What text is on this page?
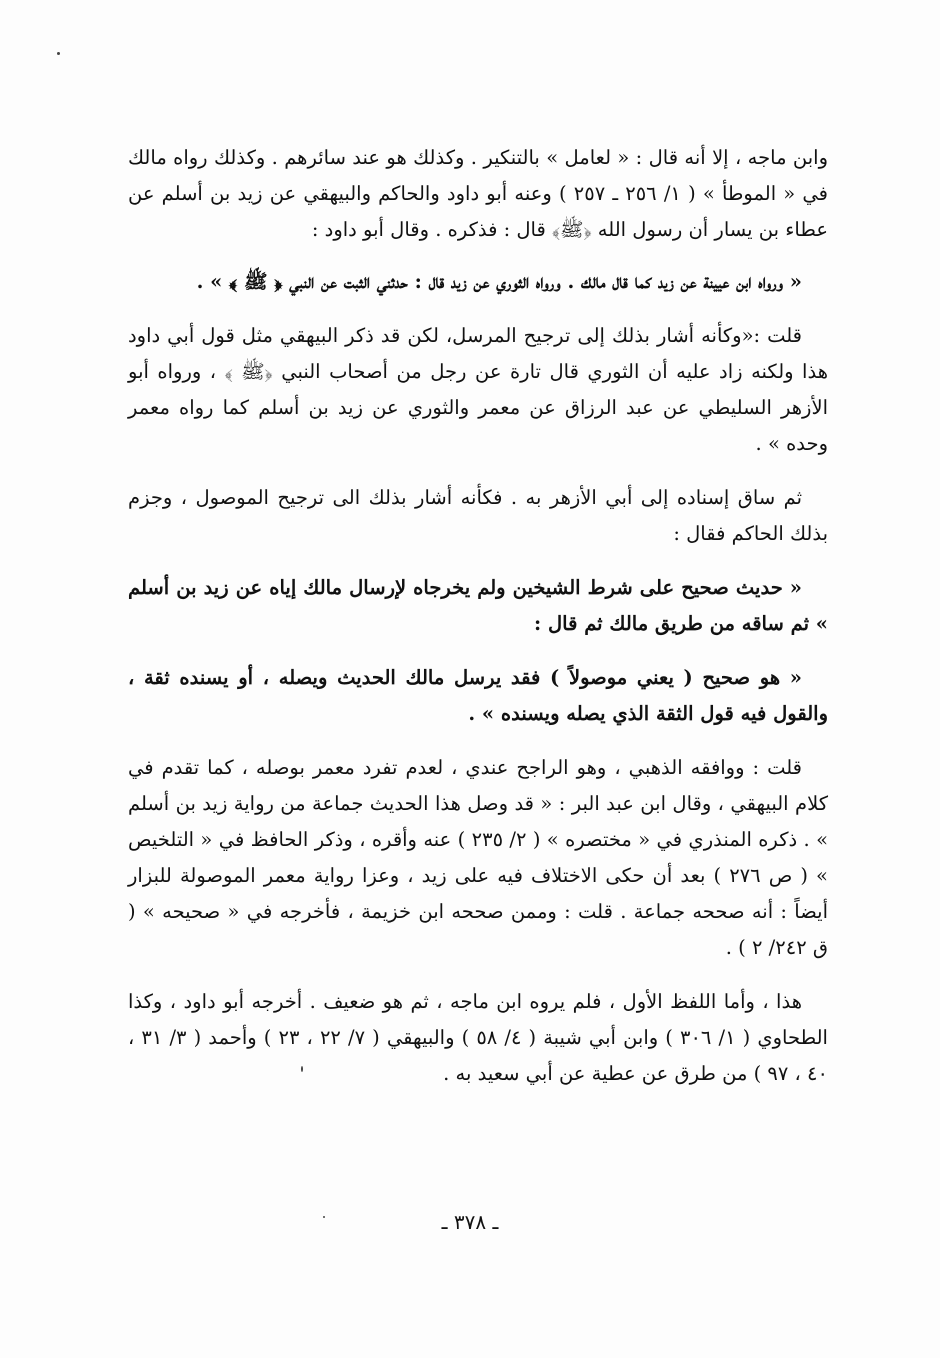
وابن ماجه ، إلا أنه قال : « لعامل » بالتنكير . وكذلك هو عند سائرهم . وكذلك رواه مالك في « الموطأ » ( ١/ ٢٥٦ ـ ٢٥٧ ) وعنه أبو داود والحاكم والبيهقي عن زيد بن أسلم عن عطاء بن يسار أن رسول الله ﴿ﷺ﴾ قال : فذكره . وقال أبو داود :

« ورواه ابن عيينة عن زيد كما قال مالك . ورواه الثوري عن زيد قال : حدثني الثبت عن النبي ﴿ ﷺ ﴾ » .

قلت :«وكأنه أشار بذلك إلى ترجيح المرسل، لكن قد ذكر البيهقي مثل قول أبي داود هذا ولكنه زاد عليه أن الثوري قال تارة عن رجل من أصحاب النبي ﴿ﷺ ﴾ ، ورواه أبو الأزهر السليطي عن عبد الرزاق عن معمر والثوري عن زيد بن أسلم كما رواه معمر وحده » .

ثم ساق إسناده إلى أبي الأزهر به . فكأنه أشار بذلك الى ترجيح الموصول ، وجزم بذلك الحاكم فقال :

« حديث صحيح على شرط الشيخين ولم يخرجاه لإرسال مالك إياه عن زيد بن أسلم » ثم ساقه من طريق مالك ثم قال :

« هو صحيح ( يعني موصولاً ) فقد يرسل مالك الحديث ويصله ، أو يسنده ثقة ، والقول فيه قول الثقة الذي يصله ويسنده » .

قلت : ووافقه الذهبي ، وهو الراجح عندي ، لعدم تفرد معمر بوصله ، كما تقدم في كلام البيهقي ، وقال ابن عبد البر : « قد وصل هذا الحديث جماعة من رواية زيد بن أسلم » . ذكره المنذري في « مختصره » ( ٢/ ٢٣٥ ) عنه وأقره ، وذكر الحافظ في « التلخيص » ( ص ٢٧٦ ) بعد أن حكى الاختلاف فيه على زيد ، وعزا رواية معمر الموصولة للبزار أيضاً : أنه صححه جماعة . قلت : وممن صححه ابن خزيمة ، فأخرجه في « صحيحه » ( ق ٢٤٢/ ٢ ) .

هذا ، وأما اللفظ الأول ، فلم يروه ابن ماجه ، ثم هو ضعيف . أخرجه أبو داود ، وكذا الطحاوي ( ١/ ٣٠٦ ) وابن أبي شيبة ( ٤/ ٥٨ ) والبيهقي ( ٧/ ٢٢ ، ٢٣ ) وأحمد ( ٣/ ٣١ ، ٤٠ ، ٩٧ ) من طرق عن عطية عن أبي سعيد به .

ـ ٣٧٨ ـ
